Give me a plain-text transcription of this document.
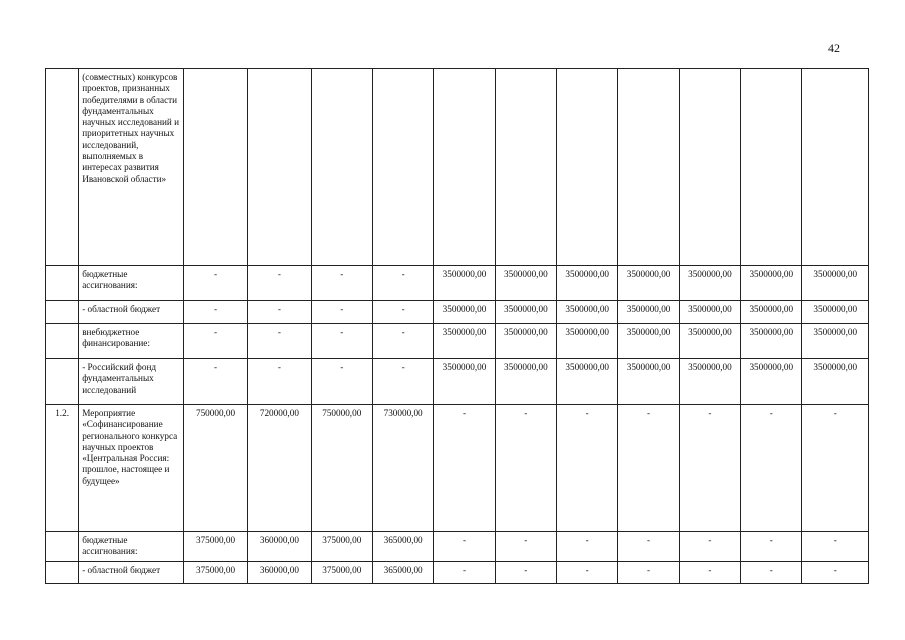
42
	(совместных) конкурсов проектов, признанных победителями в области фундаментальных научных исследований и приоритетных научных исследований, выполняемых в интересах развития Ивановской области»											
	бюджетные ассигнования:	-	-	-	-	3500000,00	3500000,00	3500000,00	3500000,00	3500000,00	3500000,00	3500000,00
	- областной бюджет	-	-	-	-	3500000,00	3500000,00	3500000,00	3500000,00	3500000,00	3500000,00	3500000,00
	внебюджетное финансирование:	-	-	-	-	3500000,00	3500000,00	3500000,00	3500000,00	3500000,00	3500000,00	3500000,00
	- Российский фонд фундаментальных исследований	-	-	-	-	3500000,00	3500000,00	3500000,00	3500000,00	3500000,00	3500000,00	3500000,00
1.2.	Мероприятие «Софинансирование регионального конкурса научных проектов «Центральная Россия: прошлое, настоящее и будущее»	750000,00	720000,00	750000,00	730000,00	-	-	-	-	-	-	-
	бюджетные ассигнования:	375000,00	360000,00	375000,00	365000,00	-	-	-	-	-	-	-
	- областной бюджет	375000,00	360000,00	375000,00	365000,00	-	-	-	-	-	-	-
